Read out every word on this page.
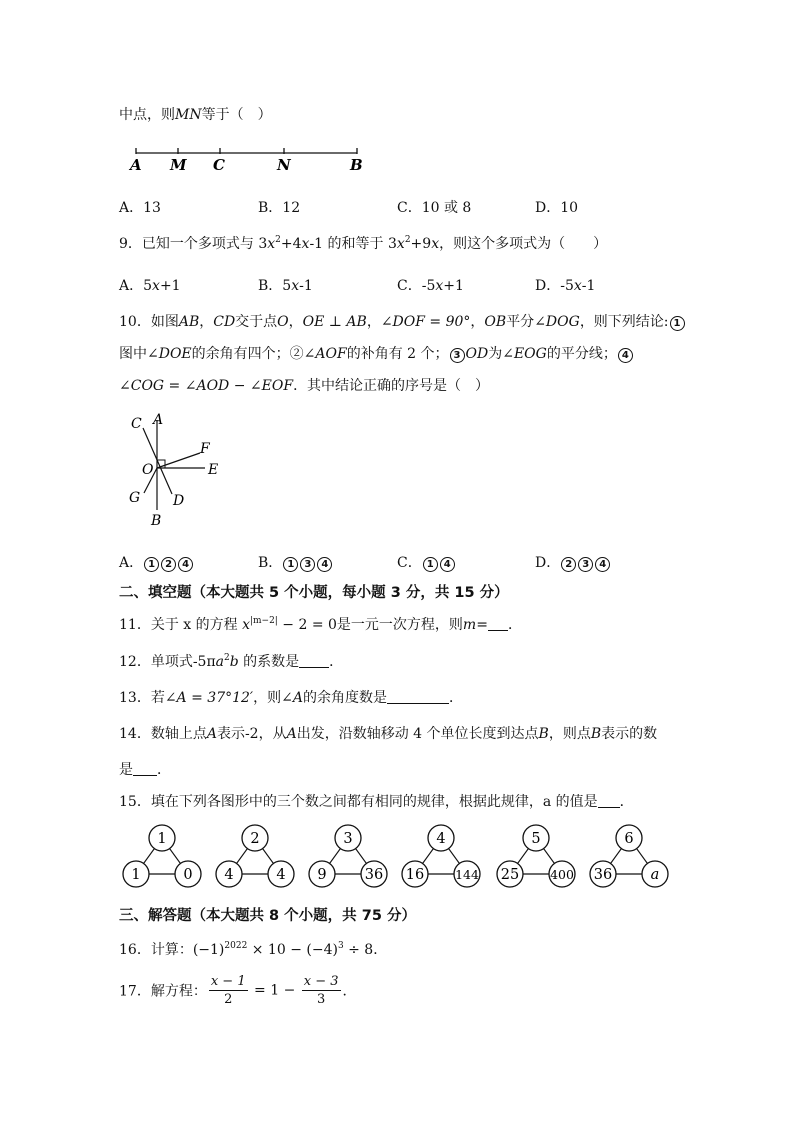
中点，则MN等于（　）
A M C	N	B
A．13	B．12	C．10 或 8	D．10
9．已知一个多项式与 $3x^2+4x-1$ 的和等于 $3x^2+9x$，则这个多项式为（　　）
A．5x+1	B．5x-1	C．-5x+1	D．-5x-1
10．如图AB，CD交于点O，OE ⊥ AB，∠DOF = 90°，OB平分∠DOG，则下列结论: 1
图中∠DOE的余角有四个；②∠AOF的补角有 2 个； 3 OD为∠EOG的平分线； 4
∠COG = ∠AOD − ∠EOF．其中结论正确的序号是（　）
C A
F
O	E
G D
B
A． 1 2 4	B． 1 3 4	C． 1 4	D． 2 3 4
二、填空题（本大题共 5 个小题，每小题 3 分，共 15 分）
11．关于 x 的方程 $x^{|m-2|} - 2 = 0$是一元一次方程，则m= ．
12．单项式$-5\pi a^2b$ 的系数是 ．
13．若∠A = 37°12′，则∠A的余角度数是	．
14．数轴上点A表示-2，从A出发，沿数轴移动 4 个单位长度到达点B，则点B表示的数
是 ．
15．填在下列各图形中的三个数之间都有相同的规律，根据此规律，a 的值是 ．
1
1	0
2
4	4
3
9	36
4
16 144
5
25 400
6
36	a
三、解答题（本大题共 8 个小题，共 75 分）
16．计算：$(-1)^{2022} \times 10 - (-4)^3 \div 8$．
17．解方程： $\frac{x - 1}{2} = 1 - \frac{x - 3}{3}$ ．
